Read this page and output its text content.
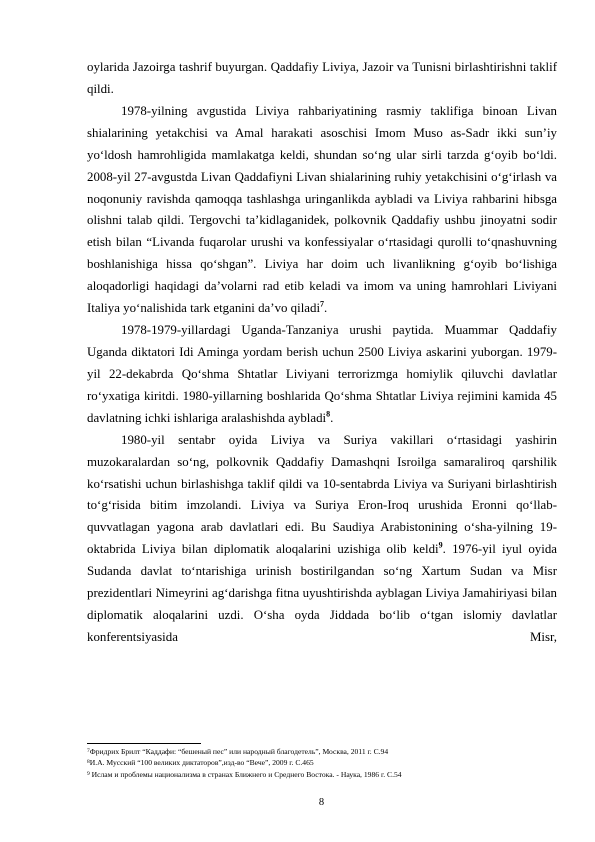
oylarida Jazoirga tashrif buyurgan. Qaddafiy Liviya, Jazoir va Tunisni birlashtirishni taklif qildi.

1978-yilning avgustida Liviya rahbariyatining rasmiy taklifiga binoan Livan shialarining yetakchisi va Amal harakati asoschisi Imom Muso as-Sadr ikki sun’iy yo‘ldosh hamrohligida mamlakatga keldi, shundan so‘ng ular sirli tarzda g‘oyib bo‘ldi. 2008-yil 27-avgustda Livan Qaddafiyni Livan shialarining ruhiy yetakchisini o‘g‘irlash va noqonuniy ravishda qamoqqa tashlashga uringanlikda aybladi va Liviya rahbarini hibsga olishni talab qildi. Tergovchi ta’kidlaganidek, polkovnik Qaddafiy ushbu jinoyatni sodir etish bilan “Livanda fuqarolar urushi va konfessiyalar o‘rtasidagi qurolli to‘qnashuvning boshlanishiga hissa qo‘shgan”. Liviya har doim uch livanlikning g‘oyib bo‘lishiga aloqadorligi haqidagi da’volarni rad etib keladi va imom va uning hamrohlari Liviyani Italiya yo‘nalishida tark etganini da’vo qiladi$^7$.

1978-1979-yillardagi Uganda-Tanzaniya urushi paytida. Muammar Qaddafiy Uganda diktatori Idi Aminga yordam berish uchun 2500 Liviya askarini yuborgan. 1979-yil 22-dekabrda Qo‘shma Shtatlar Liviyani terrorizmga homiylik qiluvchi davlatlar ro‘yxatiga kiritdi. 1980-yillarning boshlarida Qo‘shma Shtatlar Liviya rejimini kamida 45 davlatning ichki ishlariga aralashishda aybladi$^8$.

1980-yil sentabr oyida Liviya va Suriya vakillari o‘rtasidagi yashirin muzokaralardan so‘ng, polkovnik Qaddafiy Damashqni Isroilga samaraliroq qarshilik ko‘rsatishi uchun birlashishga taklif qildi va 10-sentabrda Liviya va Suriyani birlashtirish to‘g‘risida bitim imzolandi. Liviya va Suriya Eron-Iroq urushida Eronni qo‘llab-quvvatlagan yagona arab davlatlari edi. Bu Saudiya Arabistonining o‘sha-yilning 19-oktabrida Liviya bilan diplomatik aloqalarini uzishiga olib keldi$^9$. 1976-yil iyul oyida Sudanda davlat to‘ntarishiga urinish bostirilgandan so‘ng Xartum Sudan va Misr prezidentlari Nimeyrini ag‘darishga fitna uyushtirishda ayblagan Liviya Jamahiriyasi bilan diplomatik aloqalarini uzdi. O‘sha oyda Jiddada bo‘lib o‘tgan islomiy davlatlar konferentsiyasida Misr,

$^7$Фридрих Брилт “Каддафи: “бешеный пес” или народный благодетель”, Москва, 2011 г. C.94
$^8$И.А. Мусский “100 великих диктаторов”,изд-во “Вече”, 2009 г. С.465
$^9$ Ислам и проблемы национализма в странах Ближнего и Среднего Востока. - Наука, 1986 г. С.54
8
